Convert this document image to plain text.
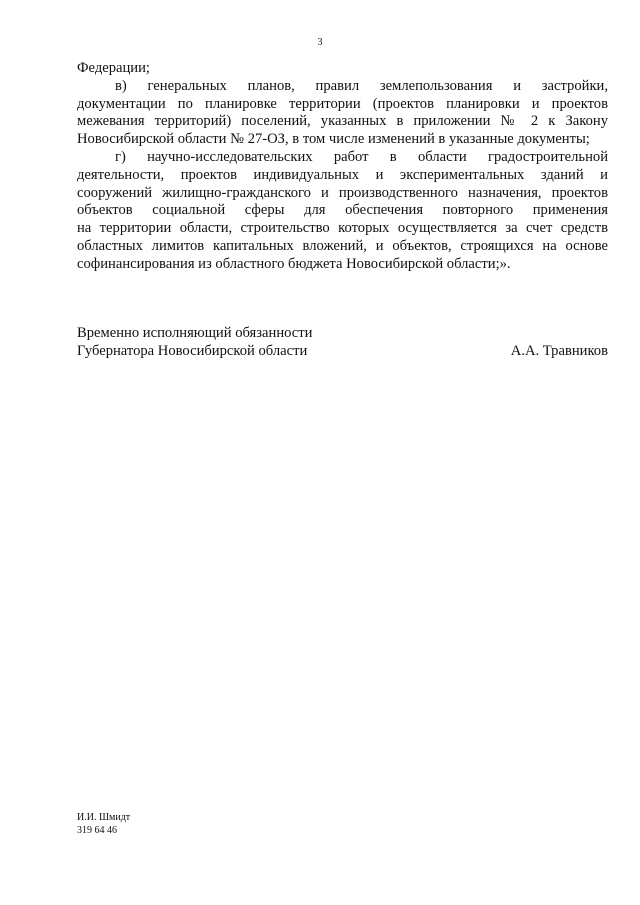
3
Федерации;
в) генеральных планов, правил землепользования и застройки,
документации по планировке территории (проектов планировки и проектов
межевания территорий) поселений, указанных в приложении № 2 к Закону
Новосибирской области № 27-ОЗ, в том числе изменений в указанные документы;
г) научно-исследовательских работ в области градостроительной
деятельности, проектов индивидуальных и экспериментальных зданий и
сооружений жилищно-гражданского и производственного назначения, проектов
объектов социальной сферы для обеспечения повторного применения
на территории области, строительство которых осуществляется за счет средств
областных лимитов капитальных вложений, и объектов, строящихся на основе
софинансирования из областного бюджета Новосибирской области;».
Временно исполняющий обязанности
Губернатора Новосибирской области	А.А. Травников
И.И. Шмидт
319 64 46
